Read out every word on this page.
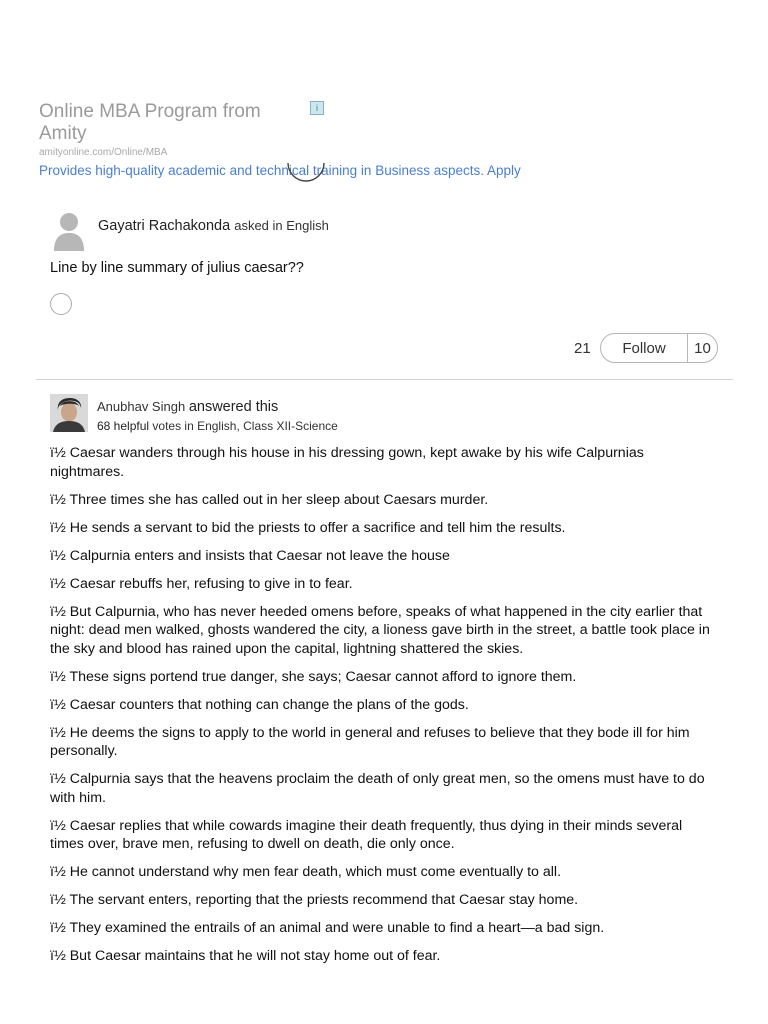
Online MBA Program from Amity
amityonline.com/Online/MBA
Provides high-quality academic and technical training in Business aspects. Apply
i
Gayatri Rachakonda asked in English
Line by line summary of julius caesar??
21	Follow	10
Anubhav Singh answered this
68 helpful votes in English, Class XII-Science

ï½ Caesar wanders through his house in his dressing gown, kept awake by his wife Calpurnias nightmares.

ï½ Three times she has called out in her sleep about Caesars murder.

ï½ He sends a servant to bid the priests to offer a sacrifice and tell him the results.

ï½ Calpurnia enters and insists that Caesar not leave the house

ï½ Caesar rebuffs her, refusing to give in to fear.

ï½ But Calpurnia, who has never heeded omens before, speaks of what happened in the city earlier that night: dead men walked, ghosts wandered the city, a lioness gave birth in the street, a battle took place in the sky and blood has rained upon the capital, lightning shattered the skies.

ï½ These signs portend true danger, she says; Caesar cannot afford to ignore them.

ï½ Caesar counters that nothing can change the plans of the gods.

ï½ He deems the signs to apply to the world in general and refuses to believe that they bode ill for him personally.

ï½ Calpurnia says that the heavens proclaim the death of only great men, so the omens must have to do with him.

ï½ Caesar replies that while cowards imagine their death frequently, thus dying in their minds several times over, brave men, refusing to dwell on death, die only once.

ï½ He cannot understand why men fear death, which must come eventually to all.

ï½ The servant enters, reporting that the priests recommend that Caesar stay home.

ï½ They examined the entrails of an animal and were unable to find a heart—a bad sign.

ï½ But Caesar maintains that he will not stay home out of fear.
